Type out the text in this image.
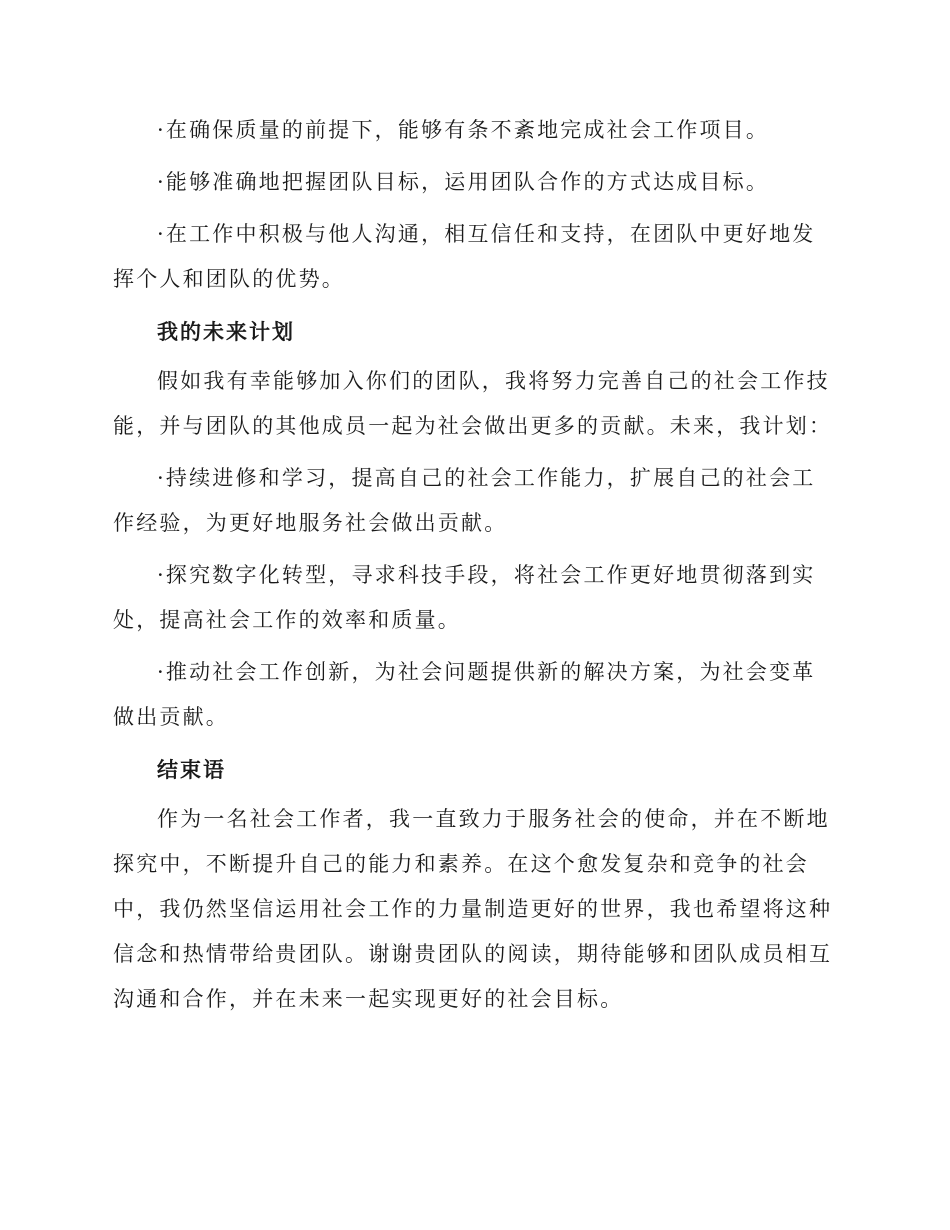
·在确保质量的前提下，能够有条不紊地完成社会工作项目。

·能够准确地把握团队目标，运用团队合作的方式达成目标。

·在工作中积极与他人沟通，相互信任和支持，在团队中更好地发挥个人和团队的优势。

我的未来计划

假如我有幸能够加入你们的团队，我将努力完善自己的社会工作技能，并与团队的其他成员一起为社会做出更多的贡献。未来，我计划：

·持续进修和学习，提高自己的社会工作能力，扩展自己的社会工作经验，为更好地服务社会做出贡献。

·探究数字化转型，寻求科技手段，将社会工作更好地贯彻落到实处，提高社会工作的效率和质量。

·推动社会工作创新，为社会问题提供新的解决方案，为社会变革做出贡献。

结束语

作为一名社会工作者，我一直致力于服务社会的使命，并在不断地探究中，不断提升自己的能力和素养。在这个愈发复杂和竞争的社会中，我仍然坚信运用社会工作的力量制造更好的世界，我也希望将这种信念和热情带给贵团队。谢谢贵团队的阅读，期待能够和团队成员相互沟通和合作，并在未来一起实现更好的社会目标。
